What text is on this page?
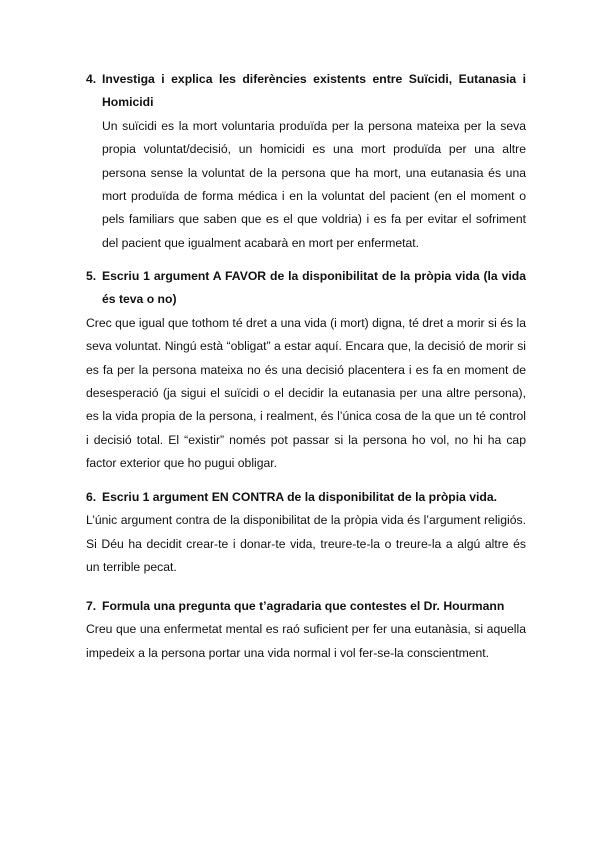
4. Investiga i explica les diferències existents entre Suïcidi, Eutanasia i Homicidi
Un suïcidi es la mort voluntaria produïda per la persona mateixa per la seva propia voluntat/decisió, un homicidi es una mort produïda per una altre persona sense la voluntat de la persona que ha mort, una eutanasia és una mort produïda de forma médica i en la voluntat del pacient (en el moment o pels familiars que saben que es el que voldria) i es fa per evitar el sofriment del pacient que igualment acabarà en mort per enfermetat.
5. Escriu 1 argument A FAVOR de la disponibilitat de la pròpia vida (la vida és teva o no)
Crec que igual que tothom té dret a una vida (i mort) digna, té dret a morir si és la seva voluntat. Ningú està “obligat” a estar aquí. Encara que, la decisió de morir si es fa per la persona mateixa no és una decisió placentera i es fa en moment de desesperació (ja sigui el suïcidi o el decidir la eutanasia per una altre persona), es la vida propia de la persona, i realment, és l’única cosa de la que un té control i decisió total. El “existir” només pot passar si la persona ho vol, no hi ha cap factor exterior que ho pugui obligar.
6. Escriu 1 argument EN CONTRA de la disponibilitat de la pròpia vida.
L’únic argument contra de la disponibilitat de la pròpia vida és l’argument religiós. Si Déu ha decidit crear-te i donar-te vida, treure-te-la o treure-la a algú altre és un terrible pecat.
7. Formula una pregunta que t’agradaria que contestes el Dr. Hourmann
Creu que una enfermetat mental es raó suficient per fer una eutanàsia, si aquella impedeix a la persona portar una vida normal i vol fer-se-la conscientment.
